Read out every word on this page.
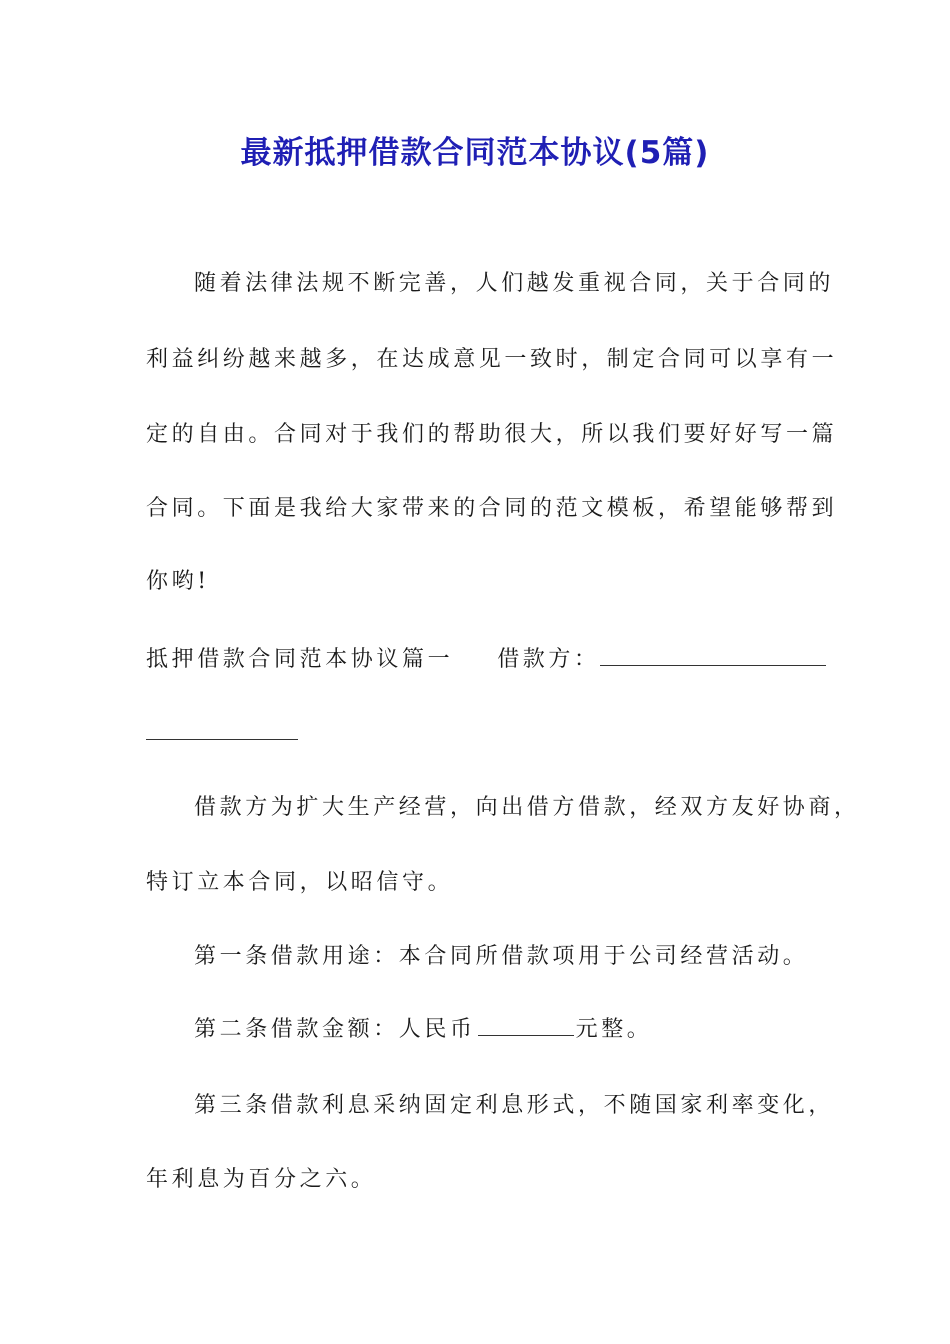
最新抵押借款合同范本协议(5篇)
随着法律法规不断完善，人们越发重视合同，关于合同的
利益纠纷越来越多，在达成意见一致时，制定合同可以享有一
定的自由。合同对于我们的帮助很大，所以我们要好好写一篇
合同。下面是我给大家带来的合同的范文模板，希望能够帮到
你哟!
抵押借款合同范本协议篇一 借款方：
借款方为扩大生产经营，向出借方借款，经双方友好协商，
特订立本合同，以昭信守。
第一条借款用途：本合同所借款项用于公司经营活动。
第二条借款金额：人民币	元整。
第三条借款利息采纳固定利息形式，不随国家利率变化，
年利息为百分之六。
